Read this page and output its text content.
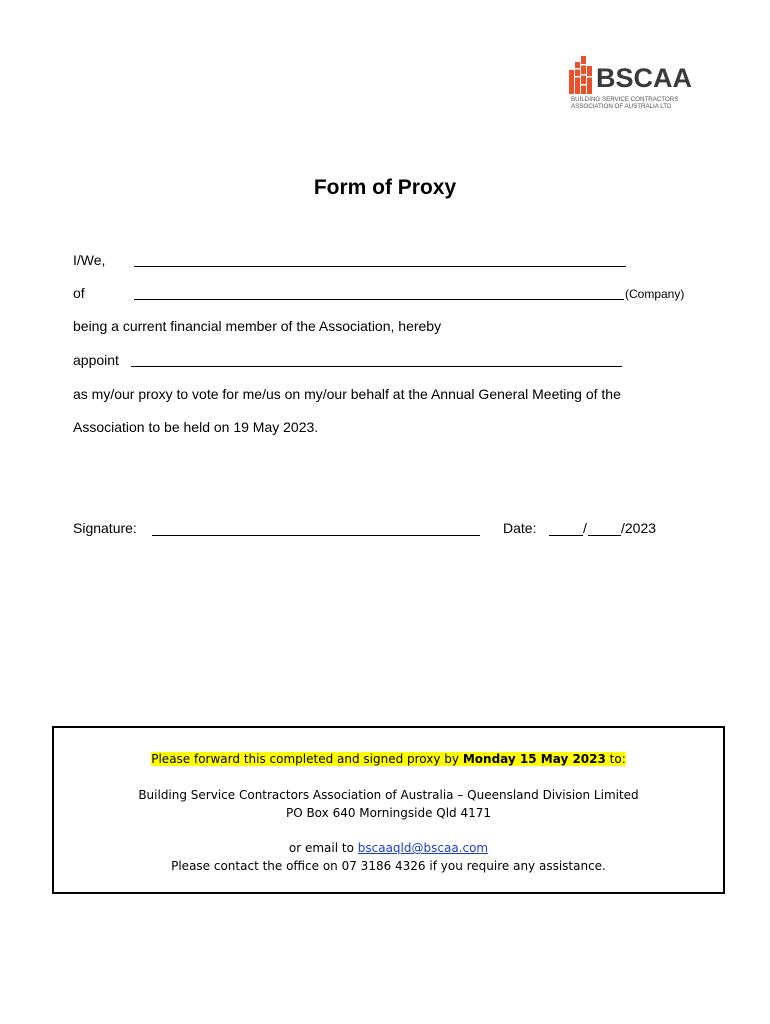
BSCAA
BUILDING SERVICE CONTRACTORS
ASSOCIATION OF AUSTRALIA LTD
Form of Proxy
I/We,
of	(Company)
being a current financial member of the Association, hereby
appoint
as my/our proxy to vote for me/us on my/our behalf at the Annual General Meeting of the
Association to be held on 19 May 2023.
Signature:	Date:	/ /2023
Please forward this completed and signed proxy by Monday 15 May 2023 to:
Building Service Contractors Association of Australia – Queensland Division Limited
PO Box 640 Morningside Qld 4171
or email to bscaaqld@bscaa.com
Please contact the office on 07 3186 4326 if you require any assistance.
